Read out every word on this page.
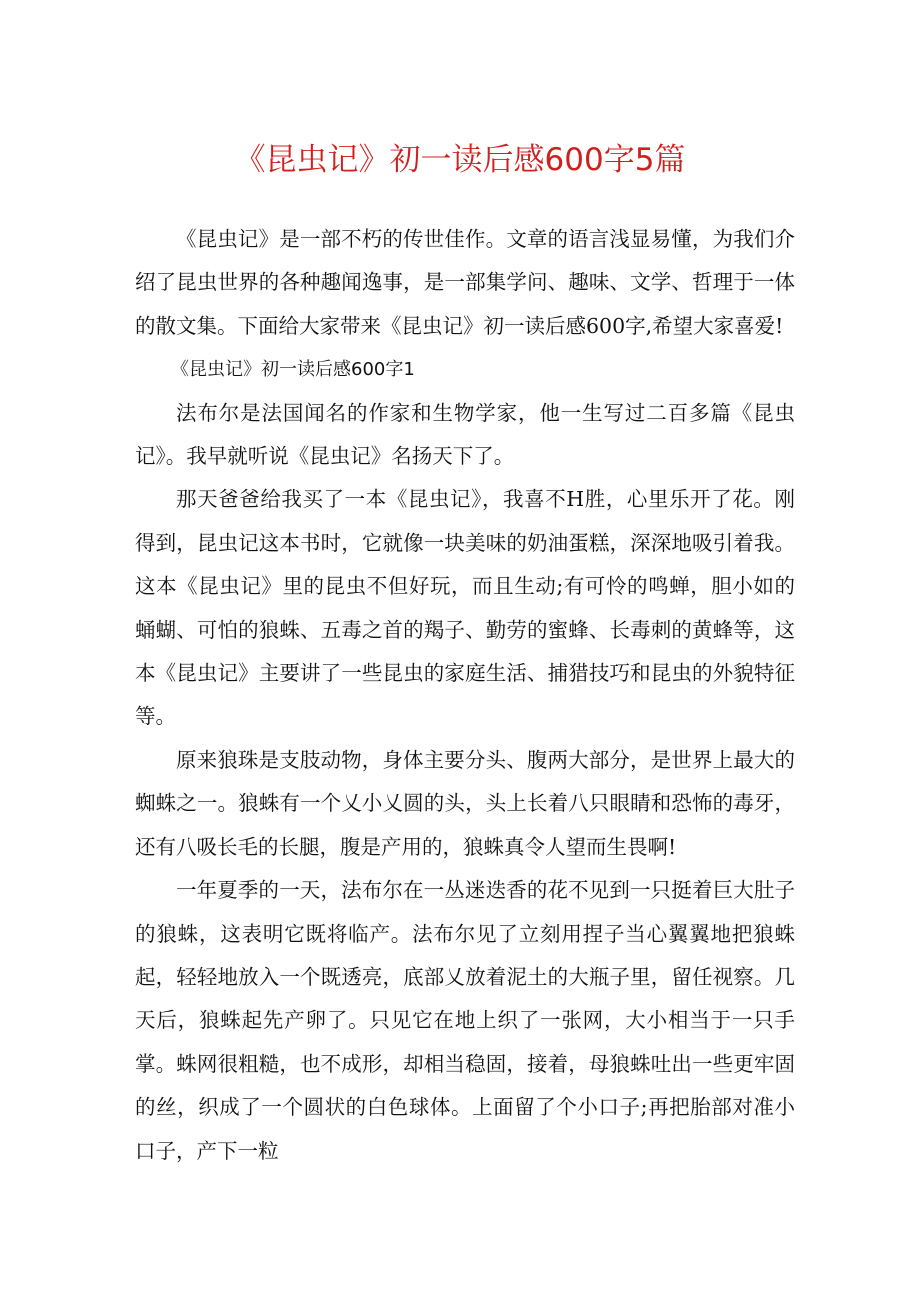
《昆虫记》初一读后感600字5篇

《昆虫记》是一部不朽的传世佳作。文章的语言浅显易懂，为我们介绍了昆虫世界的各种趣闻逸事，是一部集学问、趣味、文学、哲理于一体的散文集。下面给大家带来《昆虫记》初一读后感600字,希望大家喜爱!

《昆虫记》初一读后感600字1

法布尔是法国闻名的作家和生物学家，他一生写过二百多篇《昆虫记》。我早就听说《昆虫记》名扬天下了。

那天爸爸给我买了一本《昆虫记》，我喜不H胜，心里乐开了花。刚得到，昆虫记这本书时，它就像一块美味的奶油蛋糕，深深地吸引着我。这本《昆虫记》里的昆虫不但好玩，而且生动;有可怜的鸣蝉，胆小如的蛹蝴、可怕的狼蛛、五毒之首的羯子、勤劳的蜜蜂、长毒刺的黄蜂等，这本《昆虫记》主要讲了一些昆虫的家庭生活、捕猎技巧和昆虫的外貌特征等。

原来狼珠是支肢动物，身体主要分头、腹两大部分，是世界上最大的蜘蛛之一。狼蛛有一个乂小乂圆的头，头上长着八只眼睛和恐怖的毒牙，还有八吸长毛的长腿，腹是产用的，狼蛛真令人望而生畏啊!

一年夏季的一天，法布尔在一丛迷迭香的花不见到一只挺着巨大肚子的狼蛛，这表明它既将临产。法布尔见了立刻用捏子当心翼翼地把狼蛛起，轻轻地放入一个既透亮，底部乂放着泥土的大瓶子里，留任视察。几天后，狼蛛起先产卵了。只见它在地上织了一张网，大小相当于一只手掌。蛛网很粗糙，也不成形，却相当稳固，接着，母狼蛛吐出一些更牢固的丝，织成了一个圆状的白色球体。上面留了个小口子;再把胎部对准小口子，产下一粒
